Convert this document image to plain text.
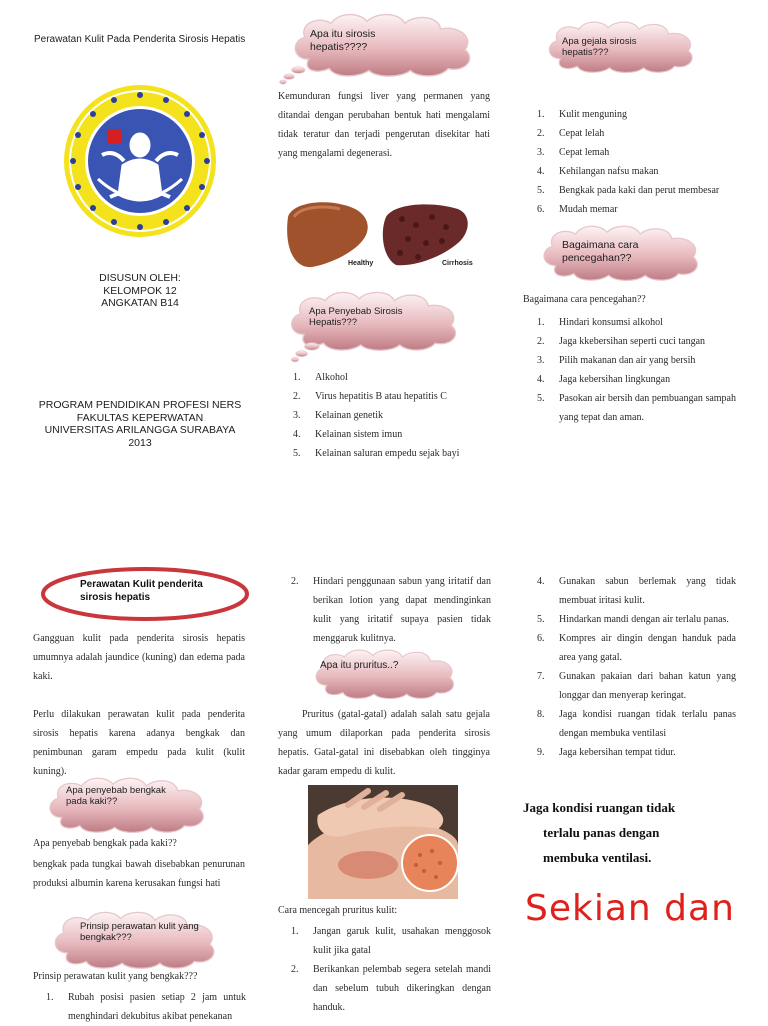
Perawatan Kulit Pada Penderita Sirosis Hepatis
DISUSUN OLEH:
KELOMPOK 12
ANGKATAN B14
PROGRAM PENDIDIKAN PROFESI NERS
FAKULTAS KEPERWATAN
UNIVERSITAS ARILANGGA SURABAYA
2013
Apa itu sirosis hepatis????
Kemunduran fungsi liver yang permanen yang ditandai dengan perubahan bentuk hati mengalami tidak teratur dan terjadi pengerutan disekitar hati yang mengalami degenerasi.
Healthy	Cirrhosis
Apa Penyebab Sirosis Hepatis???
1. Alkohol
2. Virus hepatitis B atau hepatitis C
3. Kelainan genetik
4. Kelainan sistem imun
5. Kelainan saluran empedu sejak bayi
Apa gejala sirosis hepatis???
1. Kulit menguning
2. Cepat lelah
3. Cepat lemah
4. Kehilangan nafsu makan
5. Bengkak pada kaki dan perut membesar
6. Mudah memar
Bagaimana cara pencegahan??
Bagaimana cara pencegahan??
1. Hindari konsumsi alkohol
2. Jaga kkebersihan seperti cuci tangan
3. Pilih makanan dan air yang bersih
4. Jaga kebersihan lingkungan
5. Pasokan air bersih dan pembuangan sampah yang tepat dan aman.
Perawatan Kulit penderita sirosis hepatis
Gangguan kulit pada penderita sirosis hepatis umumnya adalah jaundice (kuning) dan edema pada kaki.
Perlu dilakukan perawatan kulit pada penderita sirosis hepatis karena adanya bengkak dan penimbunan garam empedu pada kulit (kulit kuning).
Apa penyebab bengkak pada kaki??
Apa penyebab bengkak pada kaki??
bengkak pada tungkai bawah disebabkan penurunan produksi albumin karena kerusakan fungsi hati
Prinsip perawatan kulit yang bengkak???
Prinsip perawatan kulit yang bengkak???
1. Rubah posisi pasien setiap 2 jam untuk menghindari dekubitus akibat penekanan
2. Hindari penggunaan sabun yang iritatif dan berikan lotion yang dapat mendinginkan kulit yang iritatif supaya pasien tidak menggaruk kulitnya.
Apa itu pruritus..?
Pruritus (gatal-gatal) adalah salah satu gejala yang umum dilaporkan pada penderita sirosis hepatis. Gatal-gatal ini disebabkan oleh tingginya kadar garam empedu di kulit.
Cara mencegah pruritus kulit:
1. Jangan garuk kulit, usahakan menggosok kulit jika gatal
2. Berikankan pelembab segera setelah mandi dan sebelum tubuh dikeringkan dengan handuk.
4. Gunakan sabun berlemak yang tidak membuat iritasi kulit.
5. Hindarkan mandi dengan air terlalu panas.
6. Kompres air dingin dengan handuk pada area yang gatal.
7. Gunakan pakaian dari bahan katun yang longgar dan menyerap keringat.
8. Jaga kondisi ruangan tidak terlalu panas dengan membuka ventilasi
9. Jaga kebersihan tempat tidur.
Jaga kondisi ruangan tidak
terlalu panas dengan
membuka ventilasi.
Sekian dan
